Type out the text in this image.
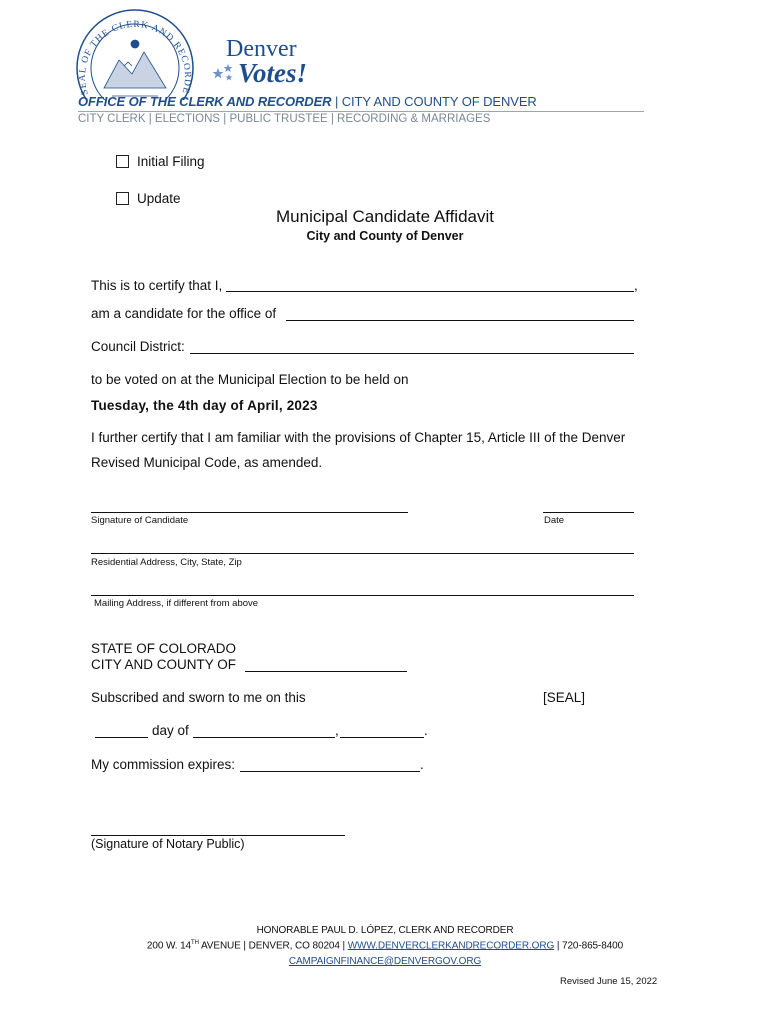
SEAL OF THE CLERK AND RECORDE
Denver
Votes!
OFFICE OF THE CLERK AND RECORDER | CITY AND COUNTY OF DENVER
CITY CLERK | ELECTIONS | PUBLIC TRUSTEE | RECORDING & MARRIAGES
Initial Filing
Update
Municipal Candidate Affidavit
City and County of Denver
This is to certify that I,	,
am a candidate for the office of
Council District:
to be voted on at the Municipal Election to be held on
Tuesday, the 4th day of April, 2023
I further certify that I am familiar with the provisions of Chapter 15, Article III of the Denver
Revised Municipal Code, as amended.
Signature of Candidate	Date
Residential Address, City, State, Zip
Mailing Address, if different from above
STATE OF COLORADO
CITY AND COUNTY OF
Subscribed and sworn to me on this	[SEAL]
day of	,	.
My commission expires:	.
(Signature of Notary Public)
HONORABLE PAUL D. LÓPEZ, CLERK AND RECORDER
200 W. 14TH AVENUE | DENVER, CO 80204 | WWW.DENVERCLERKANDRECORDER.ORG | 720-865-8400
CAMPAIGNFINANCE@DENVERGOV.ORG
Revised June 15, 2022
